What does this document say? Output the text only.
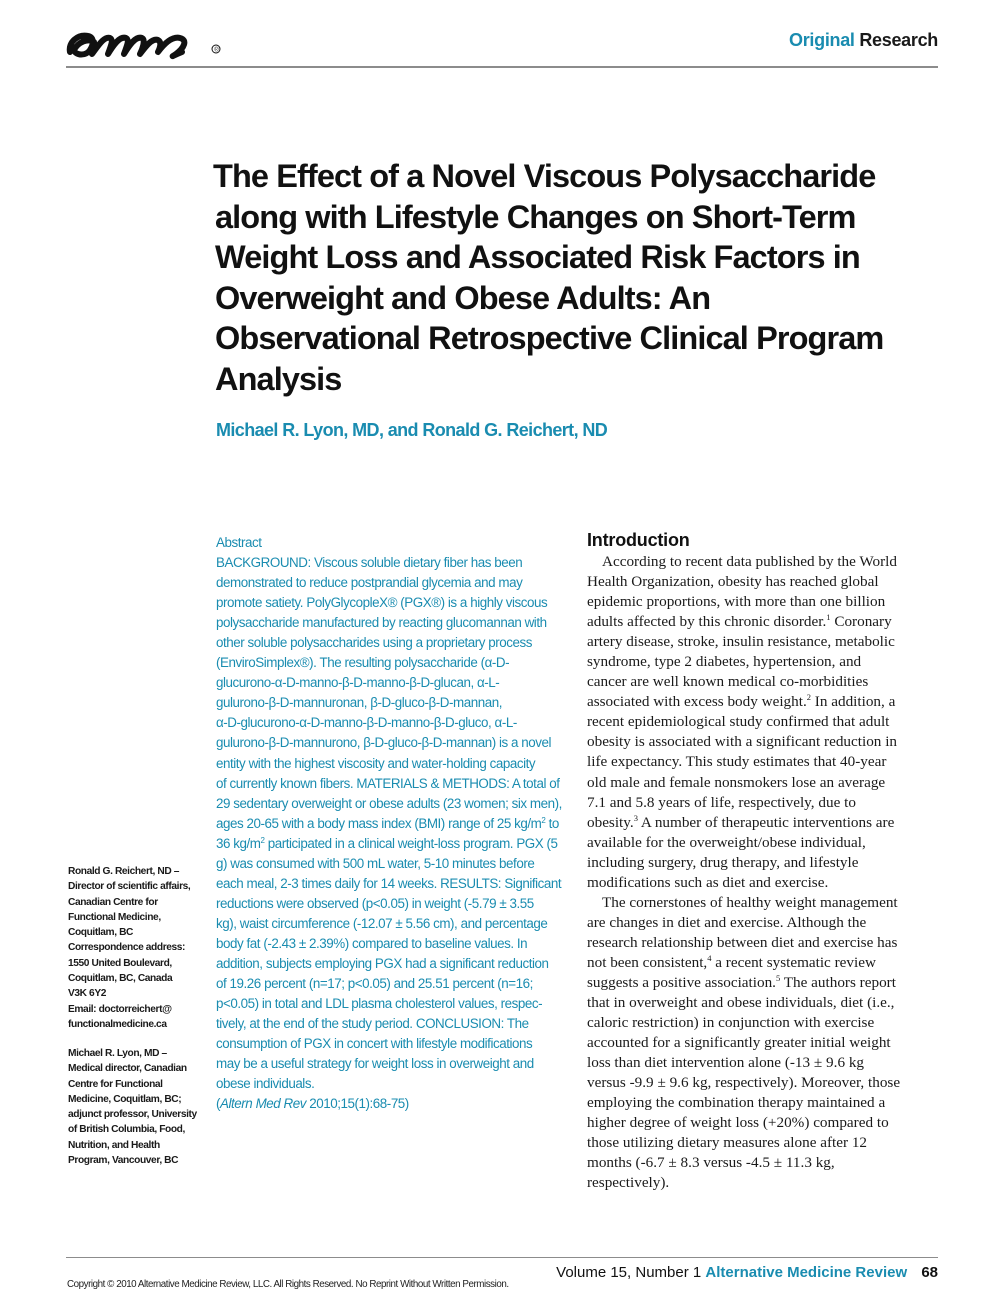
®
Original Research
The Effect of a Novel Viscous Polysaccharide
along with Lifestyle Changes on Short-Term
Weight Loss and Associated Risk Factors in
Overweight and Obese Adults: An
Observational Retrospective Clinical Program
Analysis
Michael R. Lyon, MD, and Ronald G. Reichert, ND
Abstract
BACKGROUND: Viscous soluble dietary fiber has been
demonstrated to reduce postprandial glycemia and may
promote satiety. PolyGlycopleX® (PGX®) is a highly viscous
polysaccharide manufactured by reacting glucomannan with
other soluble polysaccharides using a proprietary process
(EnviroSimplex®). The resulting polysaccharide (α-D-
glucurono-α-D-manno-β-D-manno-β-D-glucan, α-L-
gulurono-β-D-mannuronan, β-D-gluco-β-D-mannan,
α-D-glucurono-α-D-manno-β-D-manno-β-D-gluco, α-L-
gulurono-β-D-mannurono, β-D-gluco-β-D-mannan) is a novel
entity with the highest viscosity and water-holding capacity
of currently known fibers. MATERIALS & METHODS: A total of
29 sedentary overweight or obese adults (23 women; six men),
ages 20-65 with a body mass index (BMI) range of 25 $kg/m^2$ to
36 $kg/m^2$ participated in a clinical weight-loss program. PGX (5
g) was consumed with 500 mL water, 5-10 minutes before
each meal, 2-3 times daily for 14 weeks. RESULTS: Significant
reductions were observed (p<0.05) in weight (-5.79 ± 3.55
kg), waist circumference (-12.07 ± 5.56 cm), and percentage
body fat (-2.43 ± 2.39%) compared to baseline values. In
addition, subjects employing PGX had a significant reduction
of 19.26 percent (n=17; p<0.05) and 25.51 percent (n=16;
p<0.05) in total and LDL plasma cholesterol values, respec-
tively, at the end of the study period. CONCLUSION: The
consumption of PGX in concert with lifestyle modifications
may be a useful strategy for weight loss in overweight and
obese individuals.
(Altern Med Rev 2010;15(1):68-75)
Ronald G. Reichert, ND –
Director of scientific affairs,
Canadian Centre for
Functional Medicine,
Coquitlam, BC
Correspondence address:
1550 United Boulevard,
Coquitlam, BC, Canada
V3K 6Y2
Email: doctorreichert@
functionalmedicine.ca
Michael R. Lyon, MD –
Medical director, Canadian
Centre for Functional
Medicine, Coquitlam, BC;
adjunct professor, University
of British Columbia, Food,
Nutrition, and Health
Program, Vancouver, BC
Introduction
According to recent data published by the World
Health Organization, obesity has reached global
epidemic proportions, with more than one billion
adults affected by this chronic disorder.$^1$ Coronary
artery disease, stroke, insulin resistance, metabolic
syndrome, type 2 diabetes, hypertension, and
cancer are well known medical co-morbidities
associated with excess body weight.$^2$ In addition, a
recent epidemiological study confirmed that adult
obesity is associated with a significant reduction in
life expectancy. This study estimates that 40-year
old male and female nonsmokers lose an average
7.1 and 5.8 years of life, respectively, due to
obesity.$^3$ A number of therapeutic interventions are
available for the overweight/obese individual,
including surgery, drug therapy, and lifestyle
modifications such as diet and exercise.
The cornerstones of healthy weight management
are changes in diet and exercise. Although the
research relationship between diet and exercise has
not been consistent,$^4$ a recent systematic review
suggests a positive association.$^5$ The authors report
that in overweight and obese individuals, diet (i.e.,
caloric restriction) in conjunction with exercise
accounted for a significantly greater initial weight
loss than diet intervention alone (-13 ± 9.6 kg
versus -9.9 ± 9.6 kg, respectively). Moreover, those
employing the combination therapy maintained a
higher degree of weight loss (+20%) compared to
those utilizing dietary measures alone after 12
months (-6.7 ± 8.3 versus -4.5 ± 11.3 kg,
respectively).
Volume 15, Number 1 Alternative Medicine Review 68
Copyright © 2010 Alternative Medicine Review, LLC. All Rights Reserved. No Reprint Without Written Permission.
